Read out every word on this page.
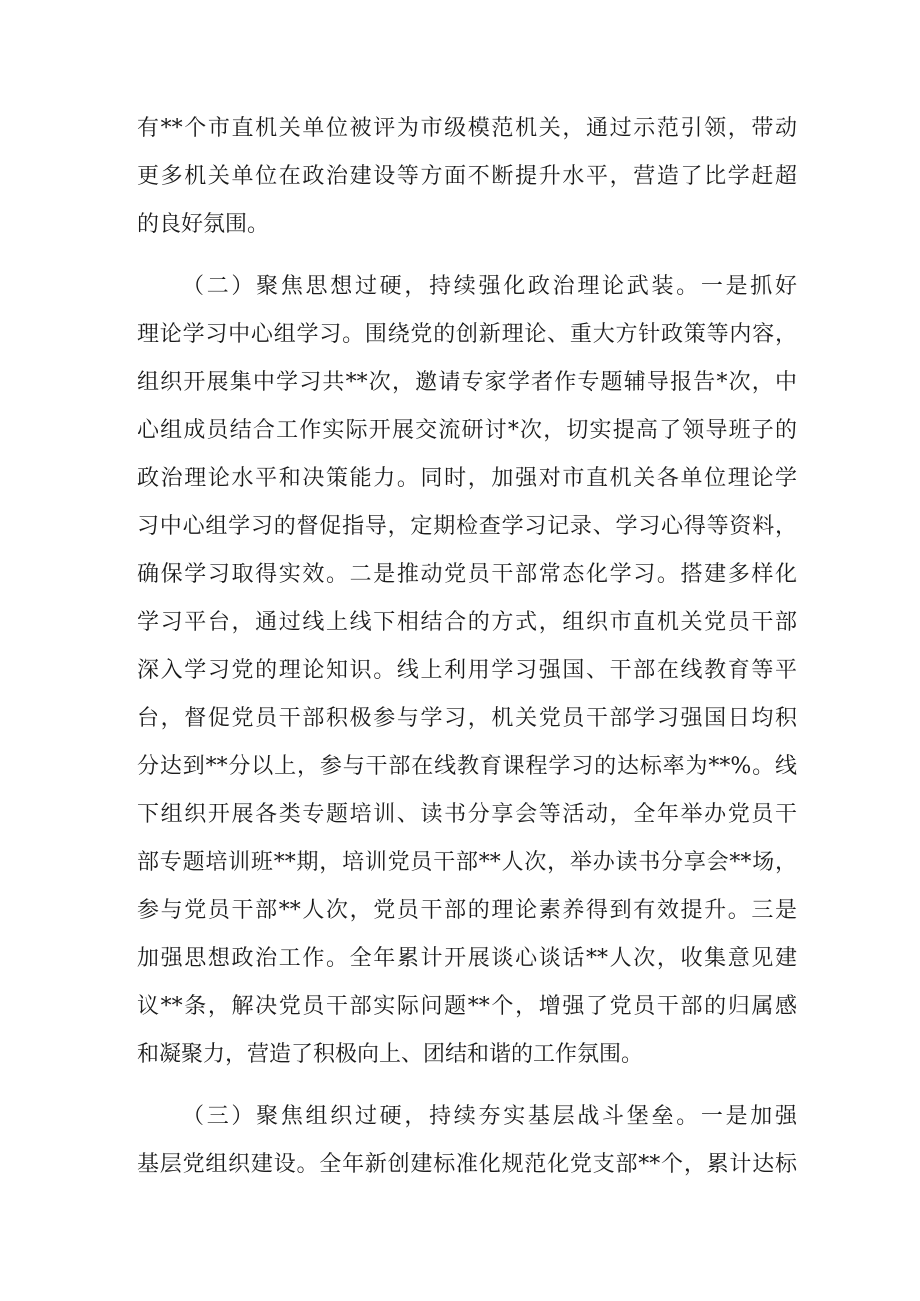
有**个市直机关单位被评为市级模范机关，通过示范引领，带动
更多机关单位在政治建设等方面不断提升水平，营造了比学赶超
的良好氛围。
（二）聚焦思想过硬，持续强化政治理论武装。一是抓好
理论学习中心组学习。围绕党的创新理论、重大方针政策等内容，
组织开展集中学习共**次，邀请专家学者作专题辅导报告*次，中
心组成员结合工作实际开展交流研讨*次，切实提高了领导班子的
政治理论水平和决策能力。同时，加强对市直机关各单位理论学
习中心组学习的督促指导，定期检查学习记录、学习心得等资料，
确保学习取得实效。二是推动党员干部常态化学习。搭建多样化
学习平台，通过线上线下相结合的方式，组织市直机关党员干部
深入学习党的理论知识。线上利用学习强国、干部在线教育等平
台，督促党员干部积极参与学习，机关党员干部学习强国日均积
分达到**分以上，参与干部在线教育课程学习的达标率为**%。线
下组织开展各类专题培训、读书分享会等活动，全年举办党员干
部专题培训班**期，培训党员干部**人次，举办读书分享会**场，
参与党员干部**人次，党员干部的理论素养得到有效提升。三是
加强思想政治工作。全年累计开展谈心谈话**人次，收集意见建
议**条，解决党员干部实际问题**个，增强了党员干部的归属感
和凝聚力，营造了积极向上、团结和谐的工作氛围。
（三）聚焦组织过硬，持续夯实基层战斗堡垒。一是加强
基层党组织建设。全年新创建标准化规范化党支部**个，累计达标
